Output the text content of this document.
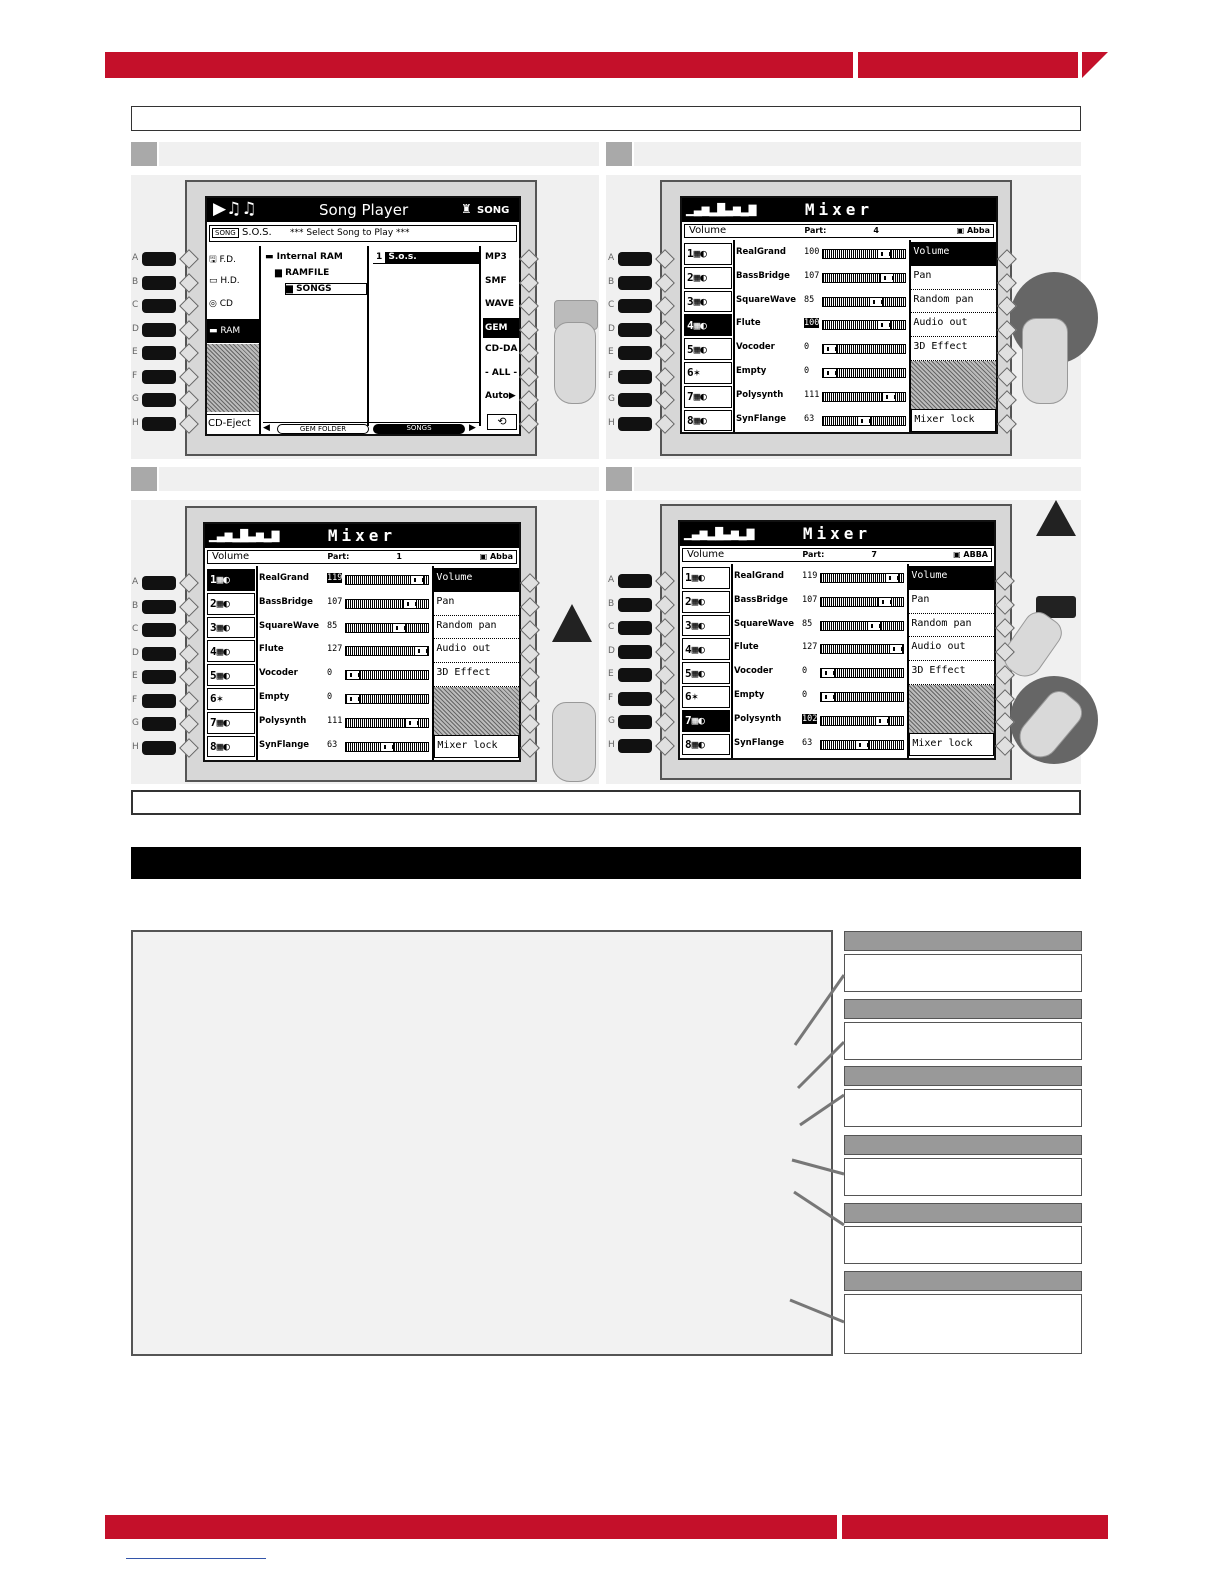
▶♫♫	Song Player	SONG
♜
SONG S.O.S. *** Select Song to Play ***
🖫 F.D.
▭ H.D.
◎ CD
▬ RAM
CD-Eject
▬ Internal RAM
▆ RAMFILE
▆ SONGS
1 S.o.s.	MP3
SMF
WAVE
GEM
CD-DA
- ALL -
Auto▶
⟲
◀	GEM FOLDER	SONGS	▶
▁▃▅▂▇▃▅▂▆	Mixer
Volume	Part:	4	▣ Abba
1 ▦◐	RealGrand 100
2 ▦◐	BassBridge 107
3 ▦◐	SquareWave 85
4 ▦◐	Flute	100
5 ▦◐	Vocoder	0
6 ✶	Empty	0
7 ▦◐	Polysynth 111
8 ▦◐	SynFlange 63
Volume
Pan
Random pan
Audio out
3D Effect
Mixer lock
A
B
C
D
E
F
G
H
▁▃▅▂▇▃▅▂▆	Mixer
Volume	Part:	1	▣ Abba
1 ▦◐	RealGrand 119
2 ▦◐	BassBridge 107
3 ▦◐	SquareWave 85
4 ▦◐	Flute	127
5 ▦◐	Vocoder	0
6 ✶	Empty	0
7 ▦◐	Polysynth 111
8 ▦◐	SynFlange 63
Volume
Pan
Random pan
Audio out
3D Effect
Mixer lock
A
B
C
D
E
F
G
H
▁▃▅▂▇▃▅▂▆	Mixer
Volume	Part:	7	▣ ABBA
1 ▦◐	RealGrand 119
2 ▦◐	BassBridge 107
3 ▦◐	SquareWave 85
4 ▦◐	Flute	127
5 ▦◐	Vocoder	0
6 ✶	Empty	0
7 ▦◐	Polysynth 102
8 ▦◐	SynFlange 63
Volume
Pan
Random pan
Audio out
3D Effect
Mixer lock
A
B
C
D
E
F
G
H
A
B
C
D
E
F
G
H
